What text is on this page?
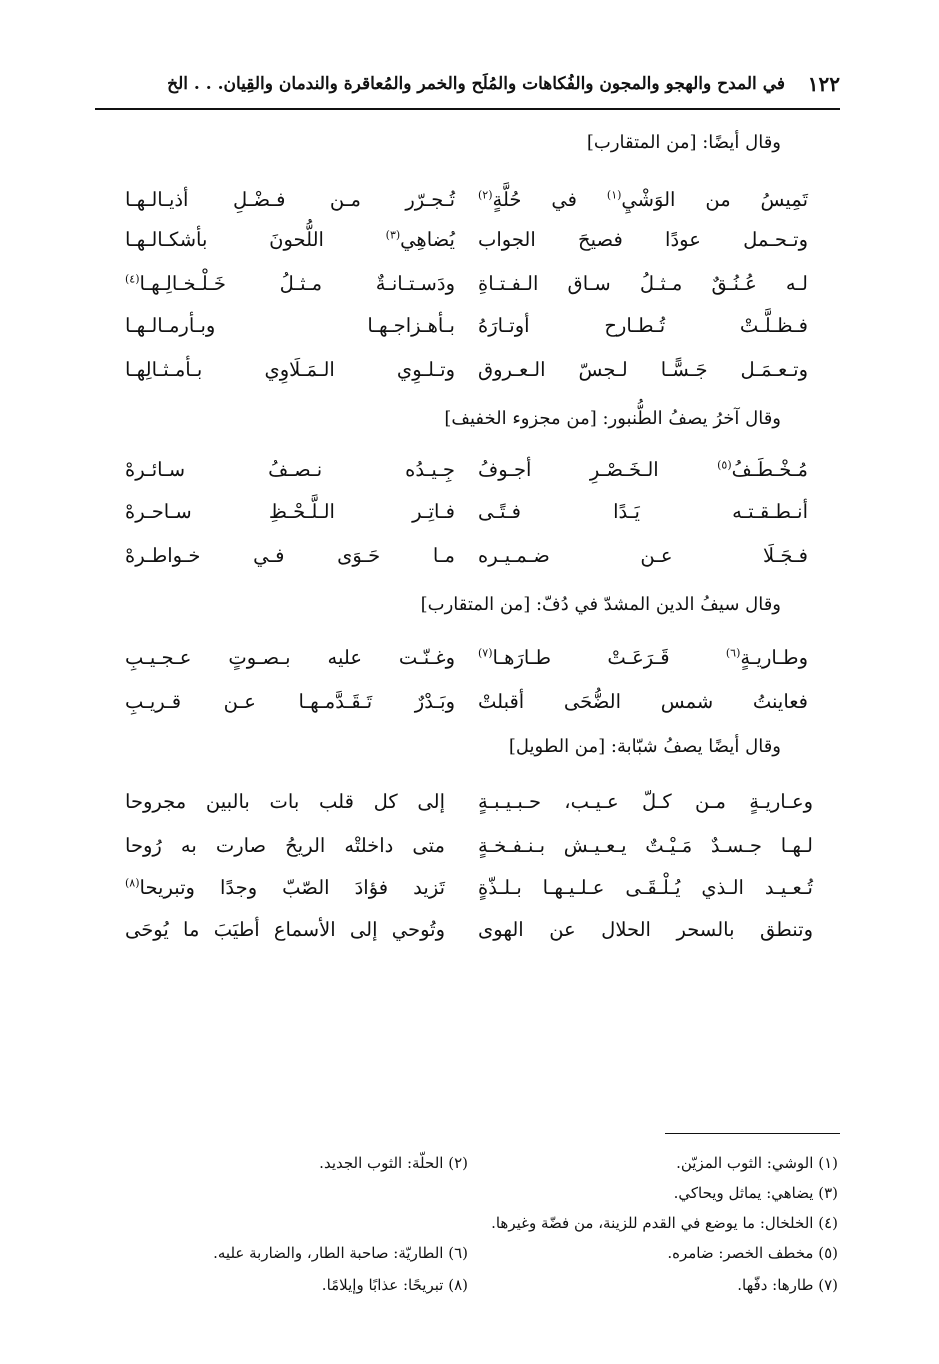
في المدح والهجو والمجون والفُكاهات والمُلَح والخمر والمُعاقرة والندمان والقِيان. . . الخ ١٢٢
وقال أيضًا: [من المتقارب]
تَمِيسُ من الوَشْيِ$^{(١)}$ في حُلَّةٍ$^{(٢)}$
تُـجـرّر مـن فـضْـلِ أذيـالـهـا
وتـحـمل عودًا فصيحَ الجواب
يُضاهِي$^{(٣)}$ اللُّحونَ بأشكـالـهـا
لـه عُـنُـقٌ مـثـلُ سـاق الـفـتـاةِ
ودَسـتـانـةٌ مـثـلُ خَـلْـخـالِـهـا$^{(٤)}$
فـظـلَّـتْ تُـطـارح أوتـارَهُ
بـأهـزاجـهـا وبـأرمـالـهـا
وتـعـمَـل جَـسًّـا لـجسّ الـعـروق
وتـلـوِي الـمَـلَاوِي بـأمـثـالِهـا
وقال آخرُ يصفُ الطُّنبور: [من مجزوء الخفيف]
مُـخْـطَـفُ$^{(٥)}$ الـخَـصْـرِ أجـوفُ
جِـيـدُه نـصـفُ سـائـرهْ
أنـطـقـتـه يَـدًا فـتًـى
فـاتِـر الـلَّـحْـظِ سـاحـرهْ
فـجَـلَا عـن ضـمـيـره
مـا حَـوَى فـي خـواطـرهْ
وقال سيفُ الدين المشدّ في دُفّ: [من المتقارب]
وطـاريـةٍ$^{(٦)}$ قَـرَعَـتْ طـارَهـا$^{(٧)}$
وغـنّـت عليه بـصـوتٍ عـجـيـبِ
فعاينتُ شمس الضُّحَى أقبلتْ
وبَـدْرٌ تَـقَـدَّمـهـا عـن قـريـبِ
وقال أيضًا يصفُ شبّابة: [من الطويل]
وعـاريـةٍ مـن كـلّ عـيـب، حـبـيـبـةٍ
إلى كل قلب بات بالبين مجروحا
لـهـا جـسـدٌ مَـيْـتٌ يـعـيـش بـنـفـخـةٍ
متى داخلتْه الريحُ صارت به رُوحا
تُـعـيـد الـذي يُـلْـقَـى عـلـيـهـا بـلـذّةٍ
تَزيد فؤادَ الصّبّ وجدًا وتبريحا$^{(٨)}$
وتنطق بالسحر الحلال عن الهوى
وتُوحي إلى الأسماع أطيَبَ ما يُوحَى
(١) الوشي: الثوب المزيّن.
(٢) الحلّة: الثوب الجديد.
(٣) يضاهي: يماثل ويحاكي.
(٤) الخلخال: ما يوضع في القدم للزينة، من فضّة وغيرها.
(٥) مخطف الخصر: ضامره.
(٦) الطاريّة: صاحبة الطار، والضاربة عليه.
(٧) طارها: دفّها.
(٨) تبريحًا: عذابًا وإيلامًا.
